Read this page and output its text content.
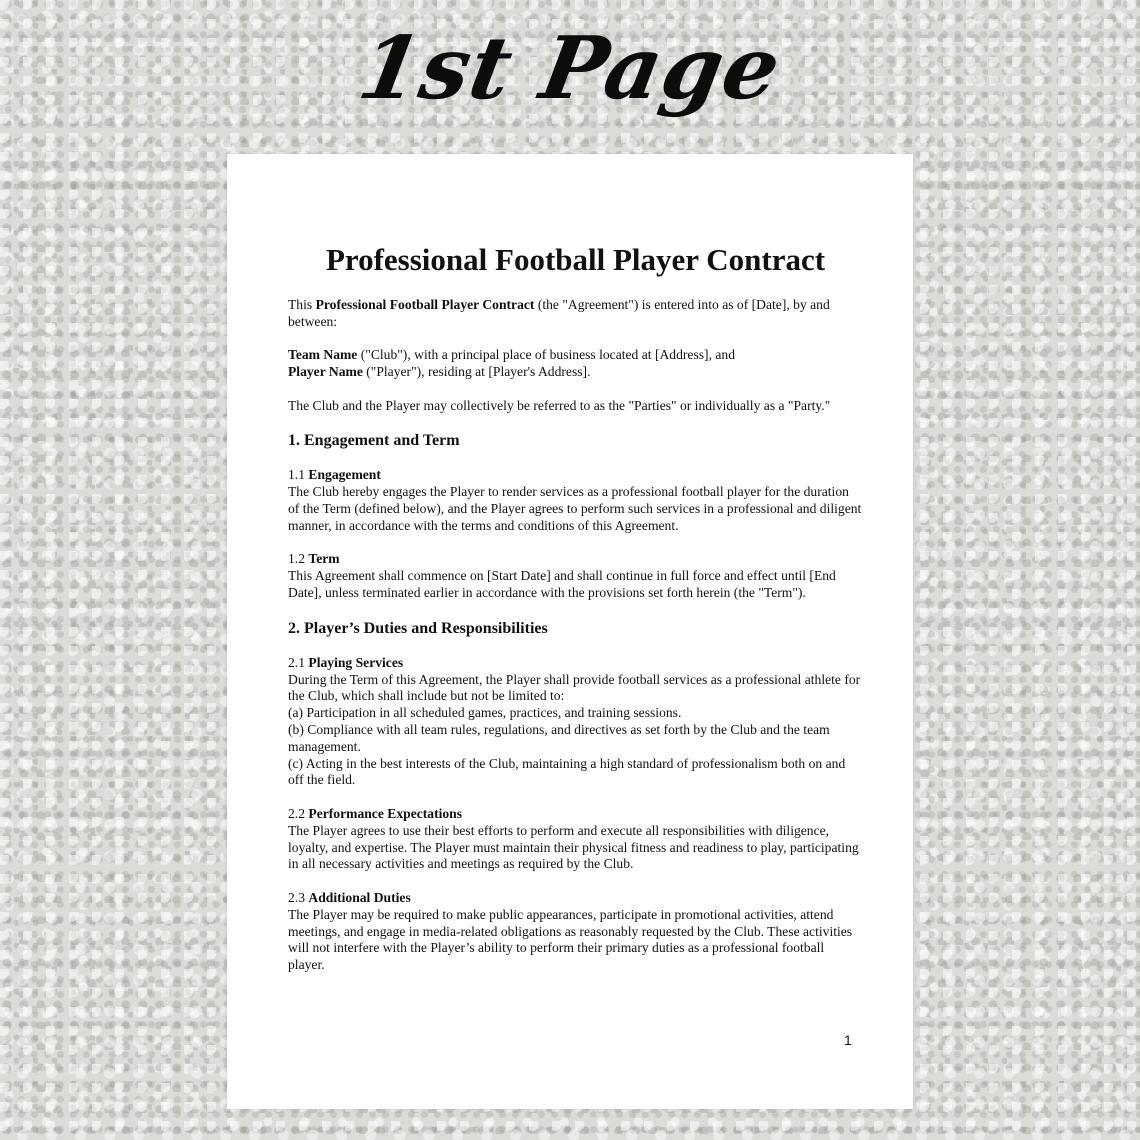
1st Page
Professional Football Player Contract

This Professional Football Player Contract (the "Agreement") is entered into as of [Date], by and between:

Team Name ("Club"), with a principal place of business located at [Address], and
Player Name ("Player"), residing at [Player's Address].

The Club and the Player may collectively be referred to as the "Parties" or individually as a "Party."

1. Engagement and Term
1.1 Engagement
The Club hereby engages the Player to render services as a professional football player for the duration of the Term (defined below), and the Player agrees to perform such services in a professional and diligent manner, in accordance with the terms and conditions of this Agreement.
1.2 Term
This Agreement shall commence on [Start Date] and shall continue in full force and effect until [End Date], unless terminated earlier in accordance with the provisions set forth herein (the "Term").
2. Player’s Duties and Responsibilities
2.1 Playing Services
During the Term of this Agreement, the Player shall provide football services as a professional athlete for the Club, which shall include but not be limited to:
(a) Participation in all scheduled games, practices, and training sessions.
(b) Compliance with all team rules, regulations, and directives as set forth by the Club and the team management.
(c) Acting in the best interests of the Club, maintaining a high standard of professionalism both on and off the field.
2.2 Performance Expectations
The Player agrees to use their best efforts to perform and execute all responsibilities with diligence, loyalty, and expertise. The Player must maintain their physical fitness and readiness to play, participating in all necessary activities and meetings as required by the Club.
2.3 Additional Duties
The Player may be required to make public appearances, participate in promotional activities, attend meetings, and engage in media-related obligations as reasonably requested by the Club. These activities will not interfere with the Player’s ability to perform their primary duties as a professional football player.
1
